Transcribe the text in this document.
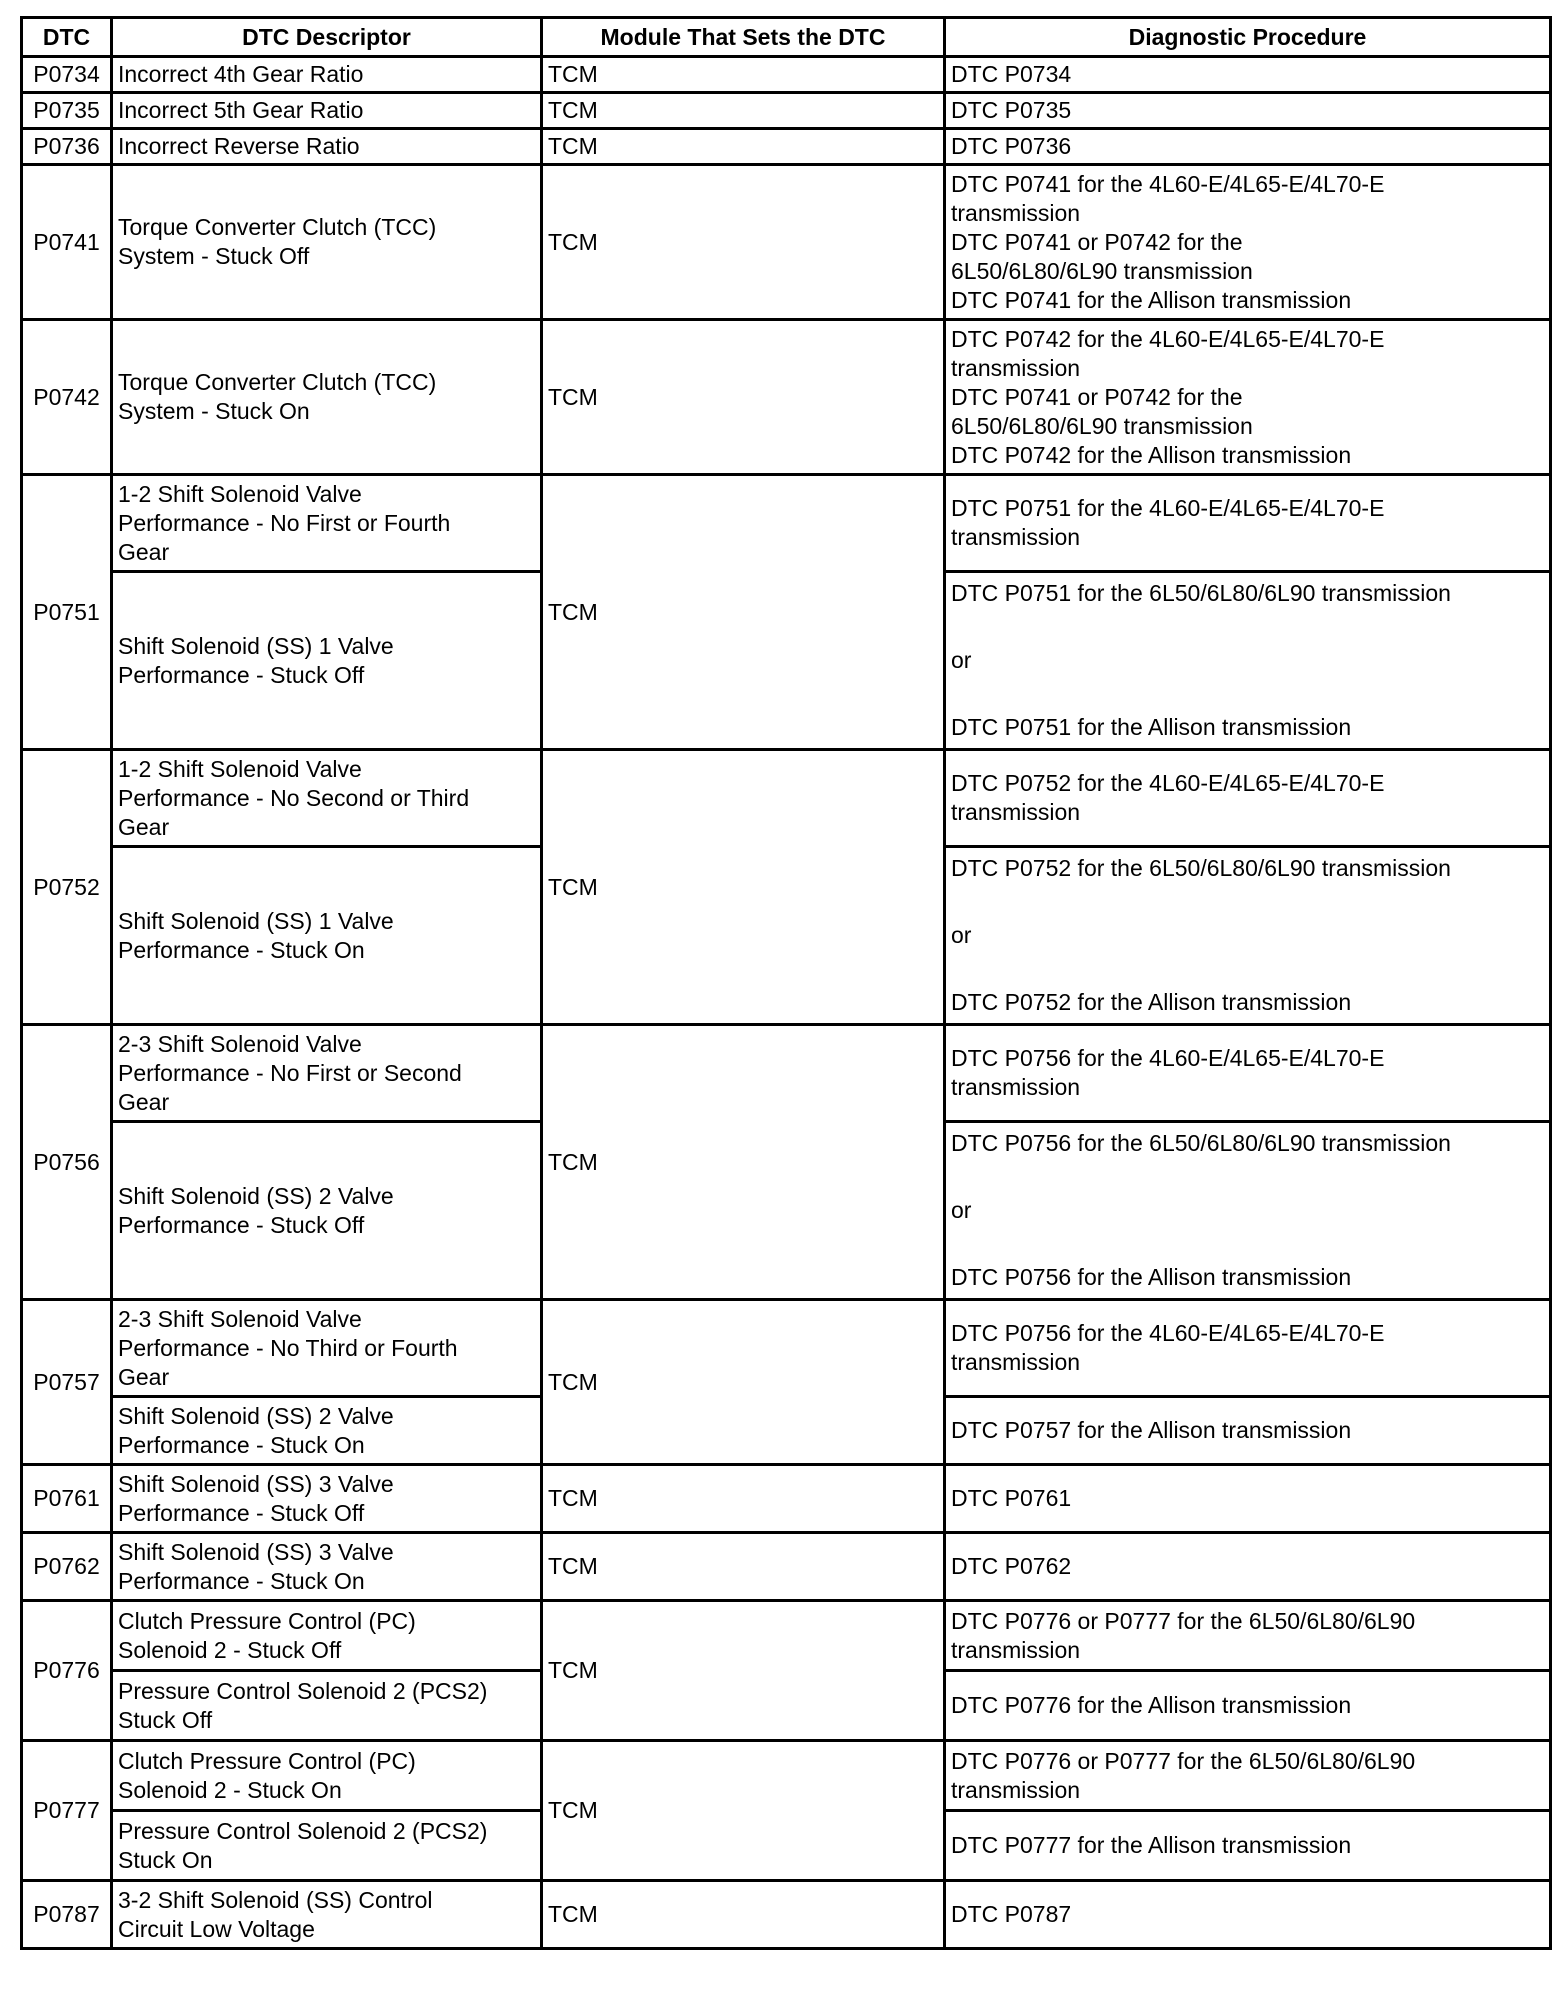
DTC	DTC Descriptor	Module That Sets the DTC	Diagnostic Procedure
P0734	Incorrect 4th Gear Ratio	TCM	DTC P0734
P0735	Incorrect 5th Gear Ratio	TCM	DTC P0735
P0736	Incorrect Reverse Ratio	TCM	DTC P0736
P0741	Torque Converter Clutch (TCC)
System - Stuck Off	TCM	DTC P0741 for the 4L60-E/4L65-E/4L70-E
transmission
DTC P0741 or P0742 for the
6L50/6L80/6L90 transmission
DTC P0741 for the Allison transmission

P0742	Torque Converter Clutch (TCC)
System - Stuck On	TCM	DTC P0742 for the 4L60-E/4L65-E/4L70-E
transmission
DTC P0741 or P0742 for the
6L50/6L80/6L90 transmission
DTC P0742 for the Allison transmission

P0751	1-2 Shift Solenoid Valve
Performance - No First or Fourth
Gear	TCM	DTC P0751 for the 4L60-E/4L65-E/4L70-E
transmission

	Shift Solenoid (SS) 1 Valve
Performance - Stuck Off		DTC P0751 for the 6L50/6L80/6L90 transmission
or
DTC P0751 for the Allison transmission

P0752	1-2 Shift Solenoid Valve
Performance - No Second or Third
Gear	TCM	DTC P0752 for the 4L60-E/4L65-E/4L70-E
transmission

	Shift Solenoid (SS) 1 Valve
Performance - Stuck On		DTC P0752 for the 6L50/6L80/6L90 transmission
or
DTC P0752 for the Allison transmission

P0756	2-3 Shift Solenoid Valve
Performance - No First or Second
Gear	TCM	DTC P0756 for the 4L60-E/4L65-E/4L70-E
transmission

	Shift Solenoid (SS) 2 Valve
Performance - Stuck Off		DTC P0756 for the 6L50/6L80/6L90 transmission
or
DTC P0756 for the Allison transmission

P0757	2-3 Shift Solenoid Valve
Performance - No Third or Fourth
Gear	TCM	DTC P0756 for the 4L60-E/4L65-E/4L70-E
transmission

	Shift Solenoid (SS) 2 Valve
Performance - Stuck On		DTC P0757 for the Allison transmission
P0761	Shift Solenoid (SS) 3 Valve
Performance - Stuck Off	TCM	DTC P0761
P0762	Shift Solenoid (SS) 3 Valve
Performance - Stuck On	TCM	DTC P0762
P0776	Clutch Pressure Control (PC)
Solenoid 2 - Stuck Off	TCM	DTC P0776 or P0777 for the 6L50/6L80/6L90
transmission

	Pressure Control Solenoid 2 (PCS2)
Stuck Off		DTC P0776 for the Allison transmission
P0777	Clutch Pressure Control (PC)
Solenoid 2 - Stuck On	TCM	DTC P0776 or P0777 for the 6L50/6L80/6L90
transmission

	Pressure Control Solenoid 2 (PCS2)
Stuck On		DTC P0777 for the Allison transmission
P0787	3-2 Shift Solenoid (SS) Control
Circuit Low Voltage	TCM	DTC P0787
